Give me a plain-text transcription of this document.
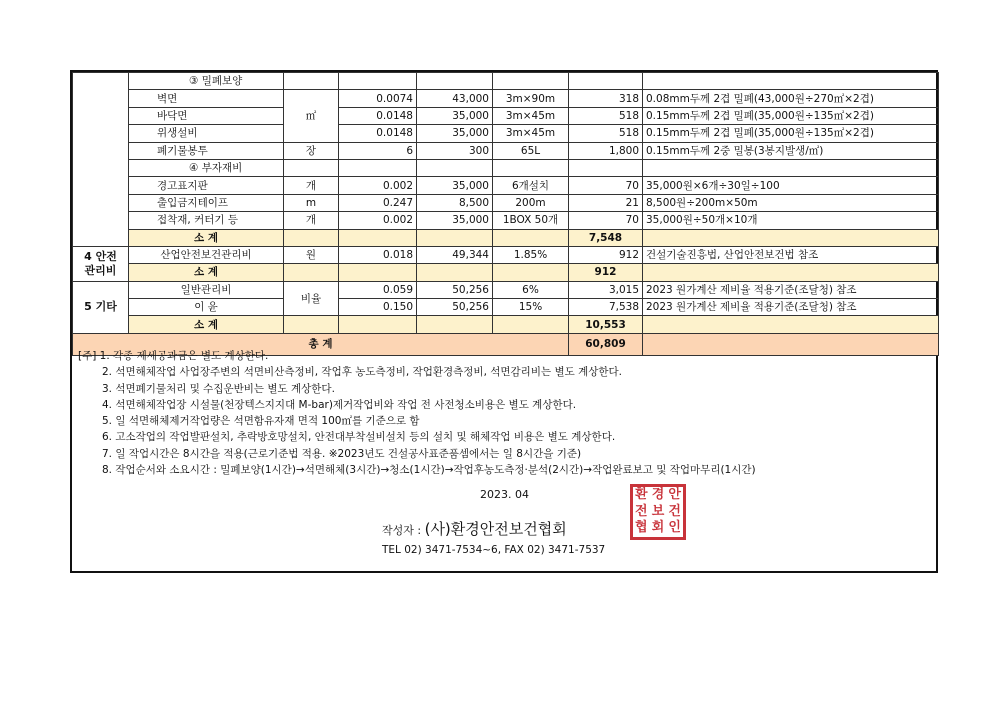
	③ 밀폐보양						
	벽면	㎡	0.0074	43,000	3m×90m	318	0.08mm두께 2겹 밀폐(43,000원÷270㎡×2겹)
	바닥면		0.0148	35,000	3m×45m	518	0.15mm두께 2겹 밀폐(35,000원÷135㎡×2겹)
	위생설비		0.0148	35,000	3m×45m	518	0.15mm두께 2겹 밀폐(35,000원÷135㎡×2겹)
	폐기물봉투	장	6	300	65L	1,800	0.15mm두께 2중 밀봉(3봉지발생/㎡)
	④ 부자재비						
	경고표지판	개	0.002	35,000	6개설치	70	35,000원×6개÷30일÷100
	출입금지테이프	m	0.247	8,500	200m	21	8,500원÷200m×50m
	접착재, 커터기 등	개	0.002	35,000	1BOX 50개	70	35,000원÷50개×10개
	소 계					7,548	
4 안전
관리비	산업안전보건관리비	원	0.018	49,344	1.85%	912	건설기술진흥법, 산업안전보건법 참조
	소 계					912	
5 기타	일반관리비	비율	0.059	50,256	6%	3,015	2023 원가계산 제비율 적용기준(조달청) 참조
	이 윤		0.150	50,256	15%	7,538	2023 원가계산 제비율 적용기준(조달청) 참조
	소 계					10,553	
총 계						60,809	
[주] 1. 각종 제세공과금은 별도 계상한다.
2. 석면해체작업 사업장주변의 석면비산측정비, 작업후 농도측정비, 작업환경측정비, 석면감리비는 별도 계상한다.
3. 석면폐기물처리 및 수집운반비는 별도 계상한다.
4. 석면해체작업장 시설물(천장텍스지지대 M-bar)제거작업비와 작업 전 사전청소비용은 별도 계상한다.
5. 일 석면해체제거작업량은 석면함유자재 면적 100㎡를 기준으로 함
6. 고소작업의 작업발판설치, 추락방호망설치, 안전대부착설비설치 등의 설치 및 해체작업 비용은 별도 계상한다.
7. 일 작업시간은 8시간을 적용(근로기준법 적용. ※2023년도 건설공사표준품셈에서는 일 8시간을 기준)
8. 작업순서와 소요시간 : 밀폐보양(1시간)→석면해체(3시간)→청소(1시간)→작업후농도측정·분석(2시간)→작업완료보고 및 작업마무리(1시간)
2023. 04
작성자 : (사)환경안전보건협회
TEL 02) 3471-7534~6, FAX 02) 3471-7537
환 경 안
전 보 건
협 회 인
